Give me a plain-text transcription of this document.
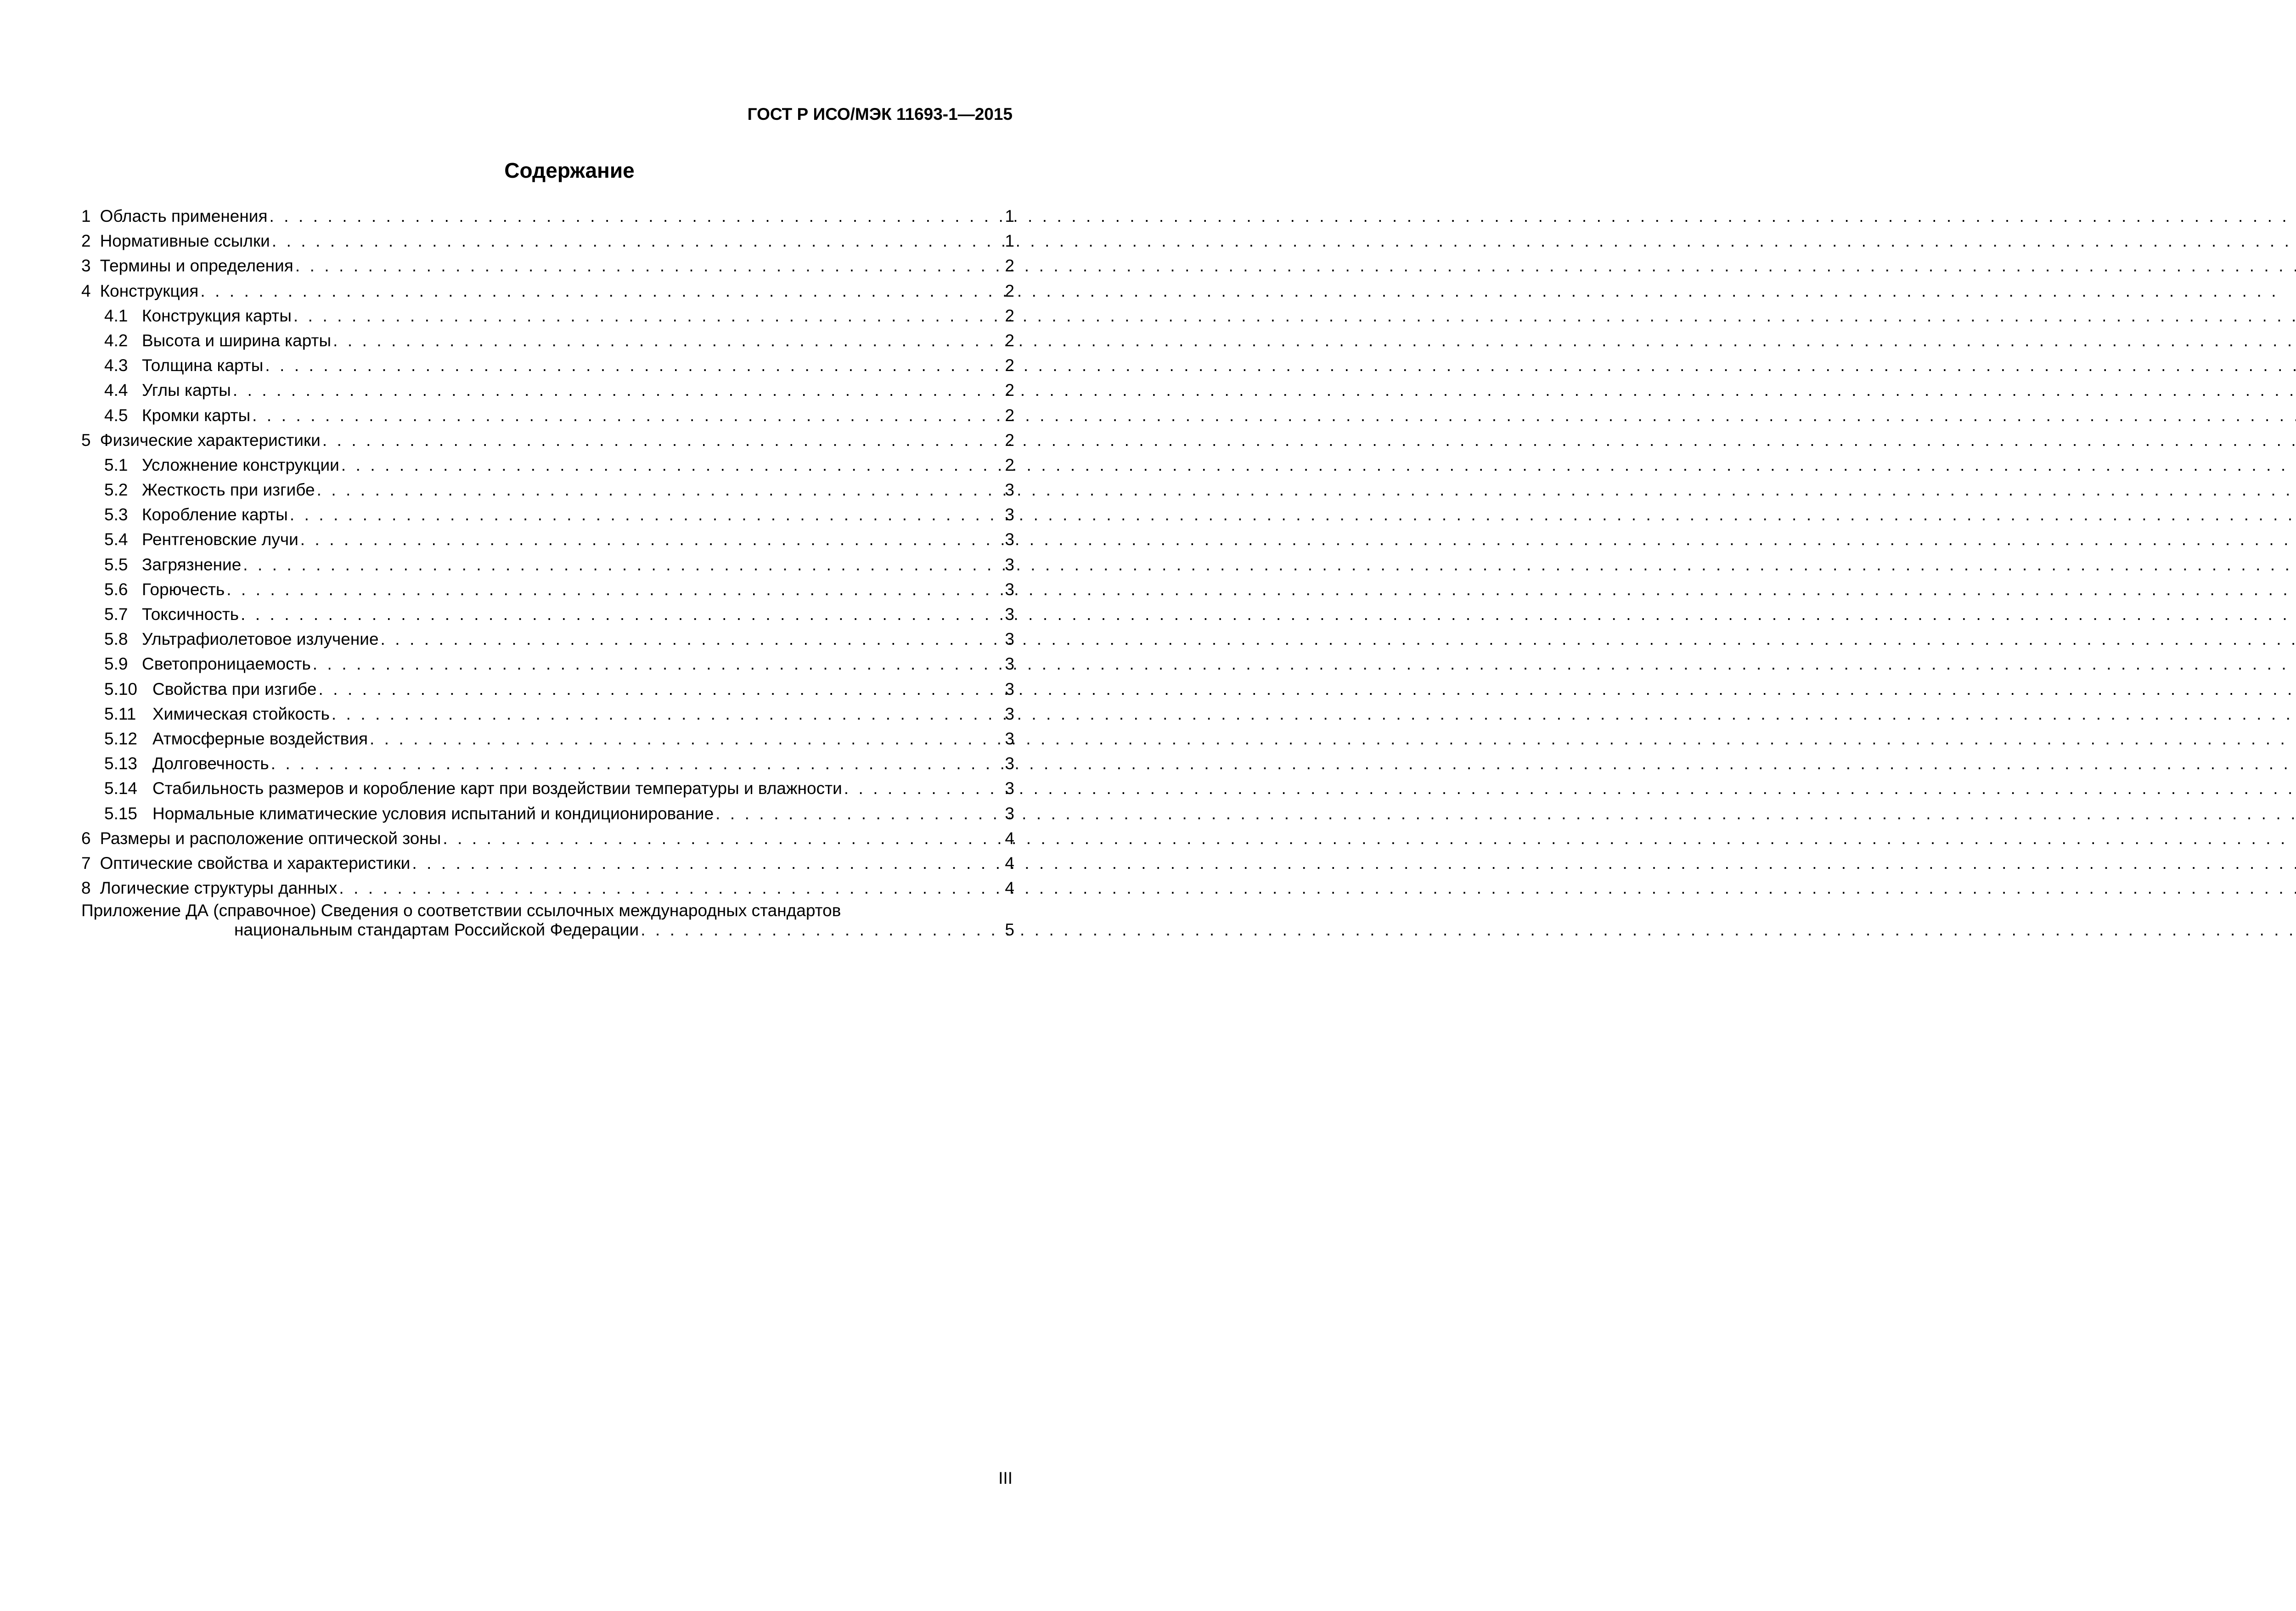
ГОСТ Р ИСО/МЭК 11693-1—2015
Содержание
1 Область применения . . .	1
2 Нормативные ссылки . . .	1
3 Термины и определения . . .	2
4 Конструкция . . .	2
4.1 Конструкция карты . . .	2
4.2 Высота и ширина карты . . .	2
4.3 Толщина карты . . .	2
4.4 Углы карты . . .	2
4.5 Кромки карты . . .	2
5 Физические характеристики . . .	2
5.1 Усложнение конструкции . . .	2
5.2 Жесткость при изгибе . . .	3
5.3 Коробление карты . . .	3
5.4 Рентгеновские лучи . . .	3
5.5 Загрязнение . . .	3
5.6 Горючесть . . .	3
5.7 Токсичность . . .	3
5.8 Ультрафиолетовое излучение . . .	3
5.9 Светопроницаемость . . .	3
5.10 Свойства при изгибе . . .	3
5.11 Химическая стойкость . . .	3
5.12 Атмосферные воздействия . . .	3
5.13 Долговечность . . .	3
5.14 Стабильность размеров и коробление карт при воздействии температуры и влажности . . .	3
5.15 Нормальные климатические условия испытаний и кондиционирование . . .	3
6 Размеры и расположение оптической зоны . . .	4
7 Оптические свойства и характеристики . . .	4
8 Логические структуры данных . . .	4
Приложение ДА (справочное) Сведения о соответствии ссылочных международных стандартов
национальным стандартам Российской Федерации . . .	5
III
